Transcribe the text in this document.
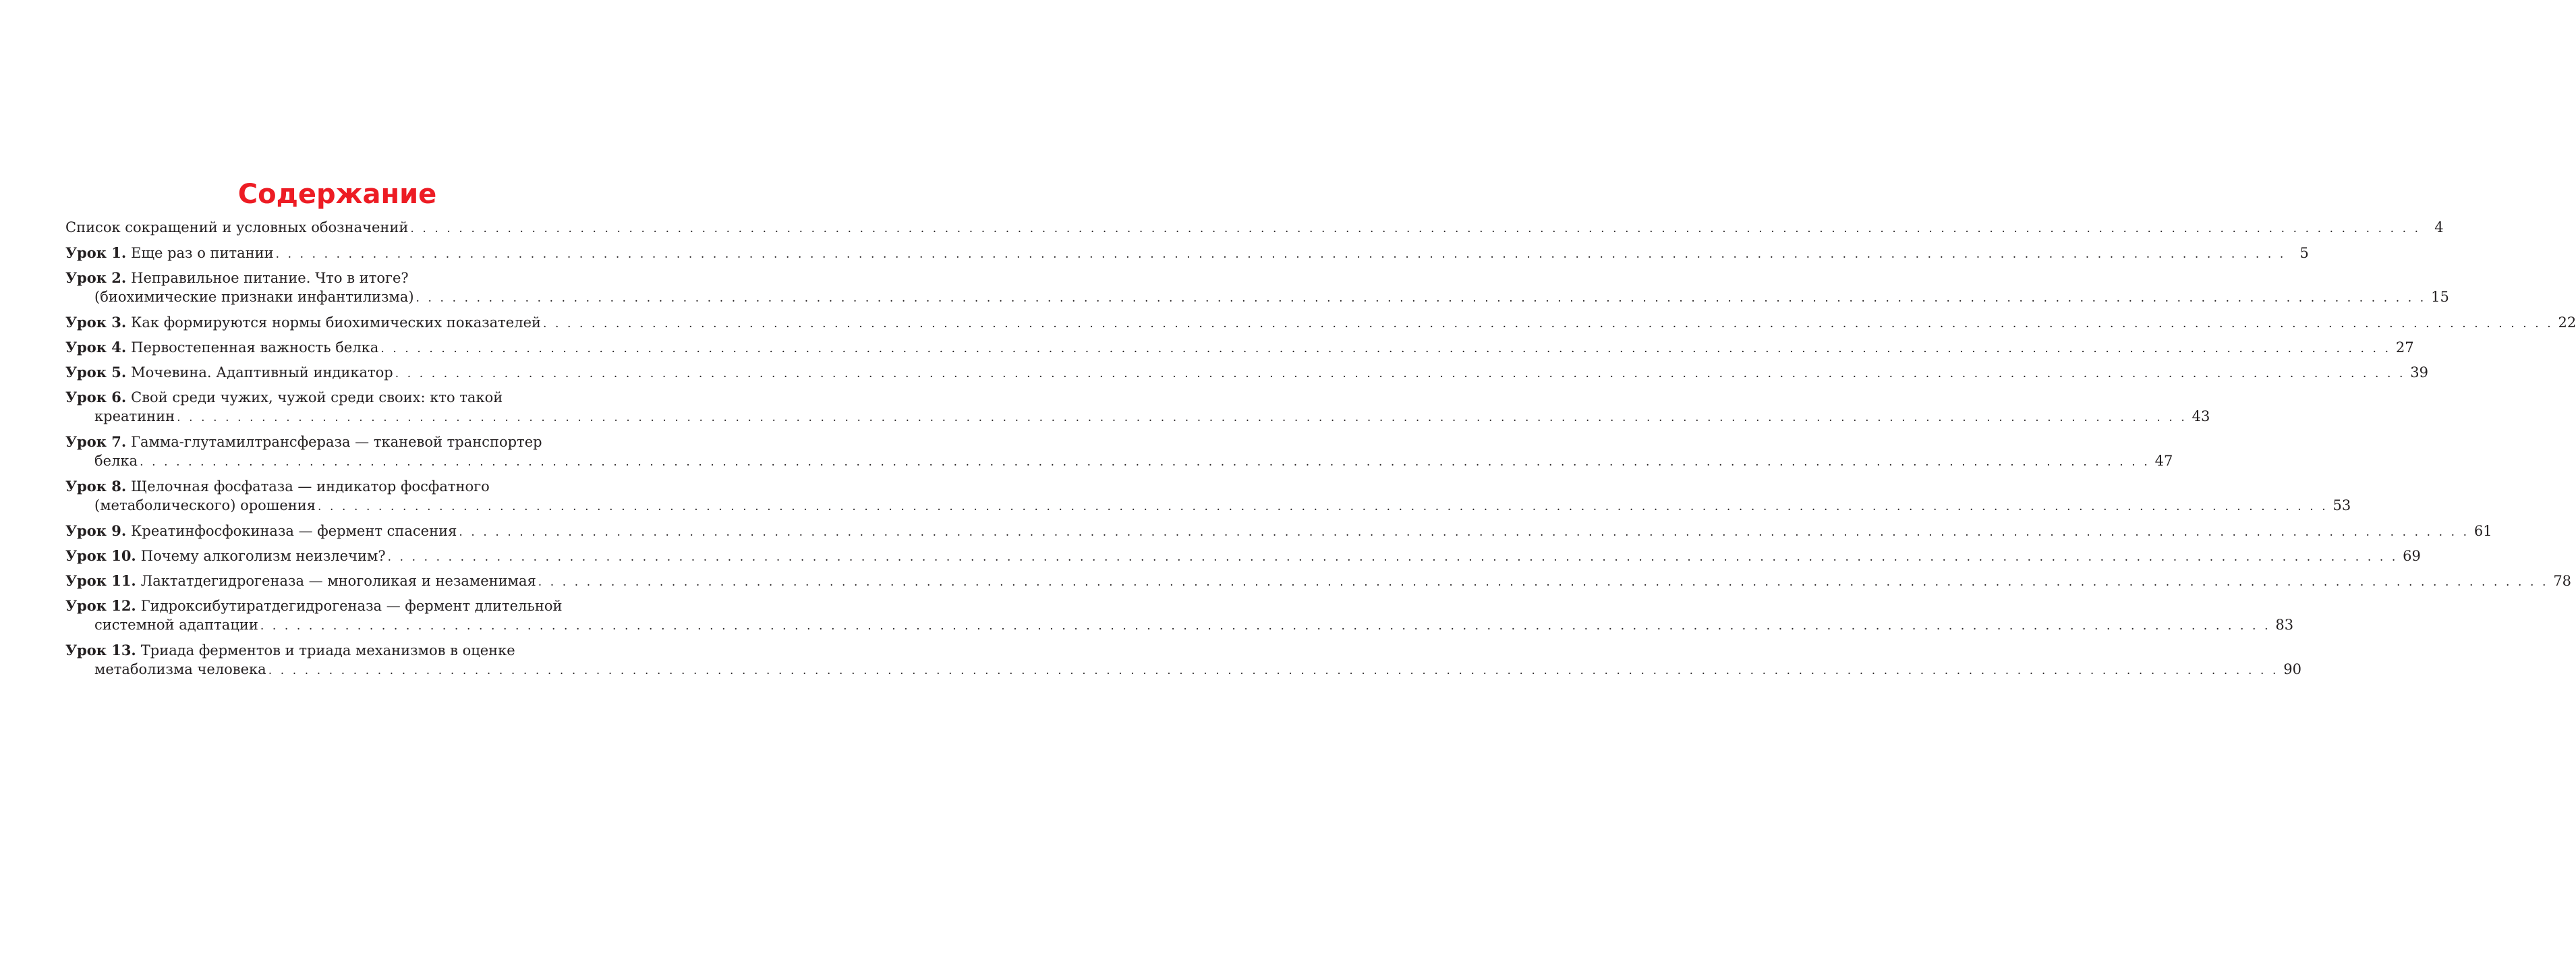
Содержание
Список сокращений и условных обозначений . . .	4
Урок 1. Еще раз о питании . . .	5
Урок 2. Неправильное питание. Что в итоге?
(биохимические признаки инфантилизма) . . .	15
Урок 3. Как формируются нормы биохимических показателей . . .	22
Урок 4. Первостепенная важность белка . . .	27
Урок 5. Мочевина. Адаптивный индикатор . . .	39
Урок 6. Свой среди чужих, чужой среди своих: кто такой
креатинин . . .	43
Урок 7. Гамма-глутамилтрансфераза — тканевой транспортер
белка . . .	47
Урок 8. Щелочная фосфатаза — индикатор фосфатного
(метаболического) орошения . . .	53
Урок 9. Креатинфосфокиназа — фермент спасения . . .	61
Урок 10. Почему алкоголизм неизлечим? . . .	69
Урок 11. Лактатдегидрогеназа — многоликая и незаменимая . . .	78
Урок 12. Гидроксибутиратдегидрогеназа — фермент длительной
системной адаптации . . .	83
Урок 13. Триада ферментов и триада механизмов в оценке
метаболизма человека . . .	90
